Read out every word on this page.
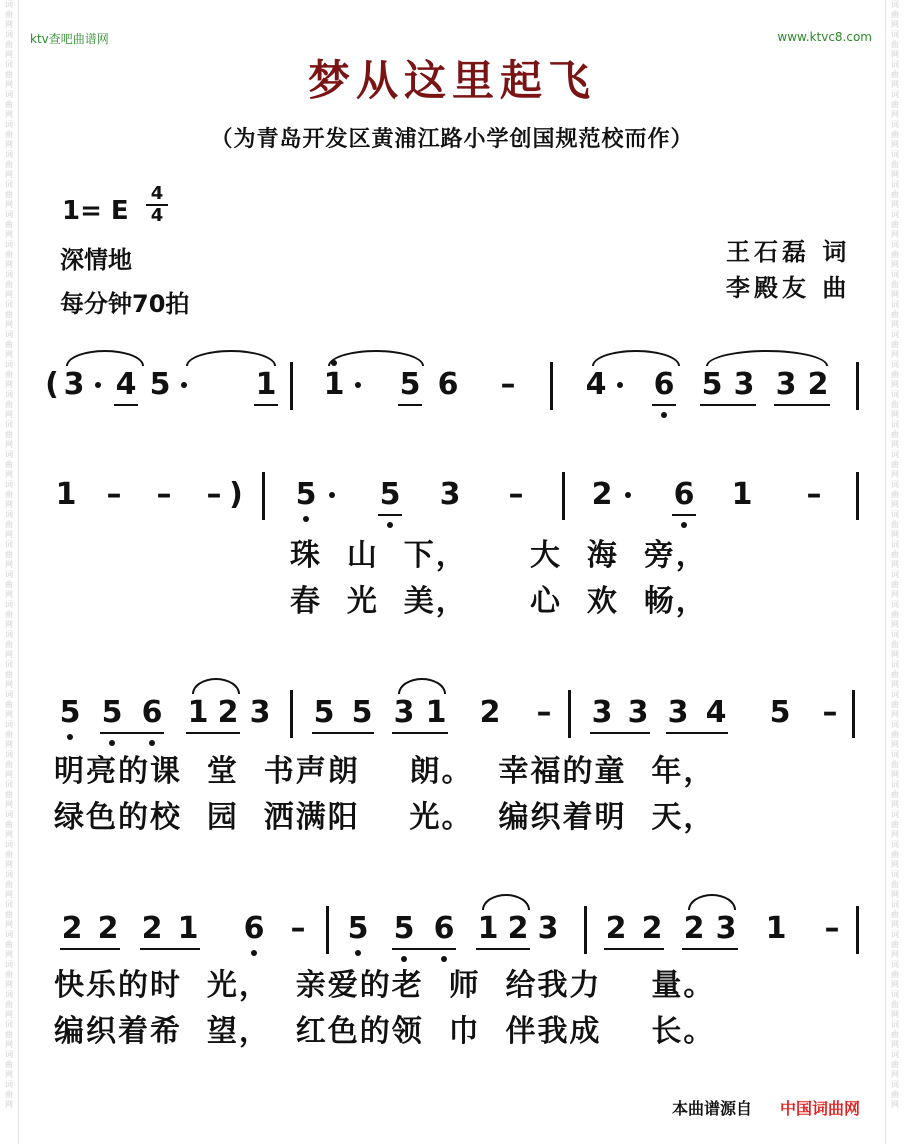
词
曲
网
词
曲
网
词
曲
网
词
曲
网
词
曲
网
词
曲
网
词
曲
网
词
曲
网
词
曲
网
词
曲
网
词
曲
网
词
曲
网
词
曲
网
词
曲
网
词
曲
网
词
曲
网
词
曲
网
词
曲
网
词
曲
网
词
曲
网
词
曲
网
词
曲
网
词
曲
网
词
曲
网
词
曲
网
词
曲
网
词
曲
网
词
曲
网
词
曲
网
词
曲
网
词
曲
网
词
曲
网
词
曲
网
词
曲
网
词
曲
网
词
曲
网
词
曲
网
词
曲
网
词
曲
网
词
曲
网
词
曲
网
词
曲
网
词
曲
网
词
曲
网
词
曲
网
词
曲
网
词
曲
网
词
曲
网
词
曲
网
词
曲
网
词
曲
网
词
曲
网
词
曲
网
词
曲
网
词
曲
网
词
曲
网
词
曲
网
词
曲
网
词
曲
网
词
曲
网
词
曲
网
词
曲
网
词
曲
网
词
曲
网
词
曲
网
词
曲
网
词
曲
网
词
曲
网
词
曲
网
词
曲
网
词
曲
网
词
曲
网
词
曲
网
词
曲
网
ktv查吧曲谱网	www.ktvc8.com
梦从这里起飞
（为青岛开发区黄浦江路小学创国规范校而作）
1= E
4
4
深情地
每分钟70拍
王石磊 词
李殿友 曲
( 3 4 5	1 1 5 6 – 4 6 5 3 3 2
1 – – – ) 5 5 3 – 2 6 1 –
5 5 6 1 2 3 5 5 3 1 2 – 3 3 3 4 5 –
2 2 2 1 6 – 5 5 6 1 2 3 2 2 2 3 1 –
珠  山  下，     大  海  旁，
春  光  美，     心  欢  畅，
明亮的课  堂  书声朗    朗。  幸福的童  年，
绿色的校  园  洒满阳    光。  编织着明  天，
快乐的时  光，  亲爱的老  师  给我力    量。
编织着希  望，  红色的领  巾  伴我成    长。
本曲谱源自 中国词曲网
